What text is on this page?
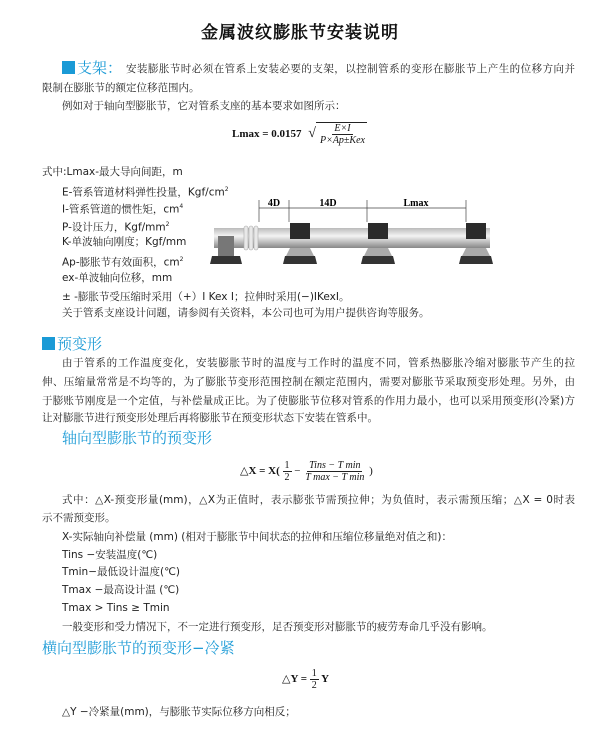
金属波纹膨胀节安装说明
支架： 安装膨胀节时必须在管系上安装必要的支架，以控制管系的变形在膨胀节上产生的位移方向并
限制在膨胀节的额定位移范围内。
例如对于轴向型膨胀节，它对管系支座的基本要求如图所示：
Lmax = 0.0157 √ $\frac{E\times I}{\text{P×Ap±Kex}}$
式中:Lmax-最大导向间距，m
E-管系管道材料弹性投量，Kgf/$cm^2$
I-管系管道的惯性矩，$cm^4$
P-设计压力，Kgf/$mm^2$
K-单波轴向刚度；Kgf/mm
Ap-膨胀节有效面积，$cm^2$
ex-单波轴向位移，mm
± -膨胀节受压缩时采用（+）I Kex I；拉伸时采用(−)IKexI。
关于管系支座设计问题，请参阅有关资料，本公司也可为用户提供咨询等服务。
4D	14D	Lmax
预变形
由于管系的工作温度变化，安装膨胀节时的温度与工作时的温度不同，管系热膨胀冷缩对膨胀节产生的拉
伸、压缩量常常是不均等的，为了膨胀节变形范围控制在额定范围内，需要对膨胀节采取预变形处理。另外，由
于膨账节刚度是一个定值，与补偿量成正比。为了使膨胀节位移对管系的作用力最小，也可以采用预变形(冷紧)方
让对膨胀节进行预变形处理后再将膨胀节在预变形状态下安装在管系中。
轴向型膨胀节的预变形
△X = $X( \frac{1}{2} - \frac{\text{Tins − T min}}{\text{T max − T min}}$ )
式中：△X-预变形量(mm)，△X为正值时，表示膨张节需预拉伸；为负值时，表示需预压缩；△X = 0时表
示不需预变形。
X-实际轴向补偿量 (mm) (相对于膨胀节中间状态的拉伸和压缩位移量绝对值之和)：
Tins −安装温度(℃)
Tmin−最低设计温度(℃)
Tmax −最高设计温 (℃)
Tmax > Tins ≥ Tmin
一般变形和受力情况下，不一定进行预变形，足否预变形对膨胀节的疲劳寿命几乎没有影响。
横向型膨胀节的预变形−冷紧
△Y = $\frac{1}{2}$ Y
△Y −冷紧量(mm)，与膨胀节实际位移方向相反；
